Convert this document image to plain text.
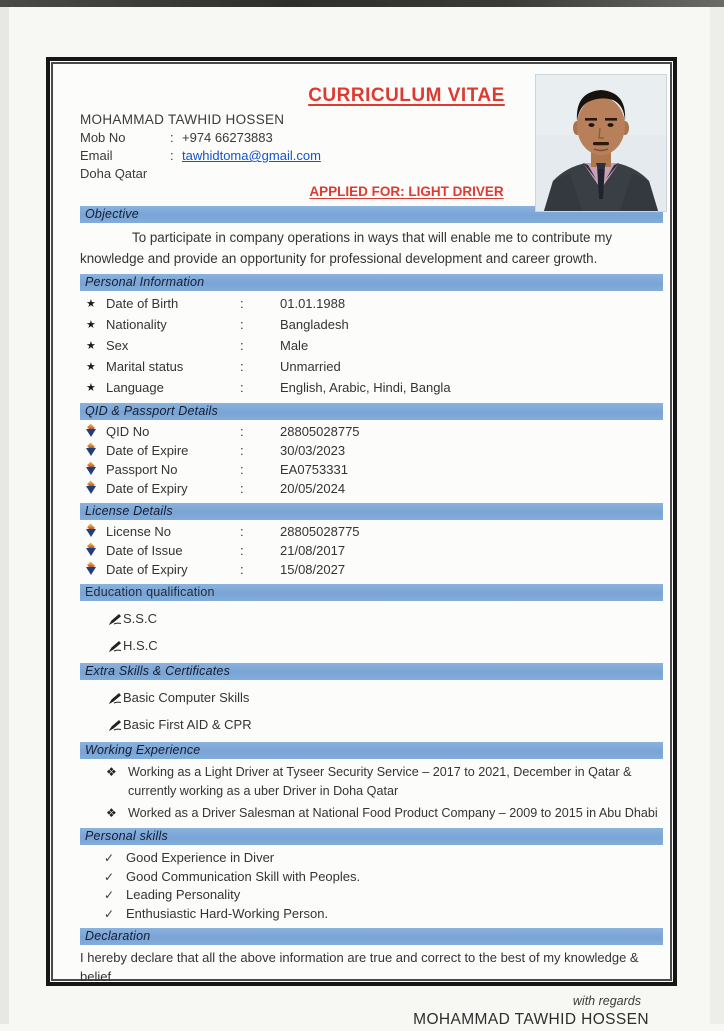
CURRICULUM VITAE
MOHAMMAD TAWHID HOSSEN
Mob No	: +974 66273883
Email	: tawhidtoma@gmail.com
Doha Qatar
APPLIED FOR: LIGHT DRIVER
Objective
To participate in company operations in ways that will enable me to contribute my knowledge and provide an opportunity for professional development and career growth.
Personal Information
★
Date of Birth	:	01.01.1988
★
Nationality	:	Bangladesh
★
Sex	:	Male
★
Marital status	:	Unmarried
★
Language	:	English, Arabic, Hindi, Bangla
QID & Passport Details
QID No	:	28805028775
Date of Expire	:	30/03/2023
Passport No	:	EA0753331
Date of Expiry	:	20/05/2024
License Details
License No	:	28805028775
Date of Issue	:	21/08/2017
Date of Expiry	:	15/08/2027
Education qualification
S.S.C
H.S.C
Extra Skills & Certificates
Basic Computer Skills
Basic First AID & CPR
Working Experience
❖
Working as a Light Driver at Tyseer Security Service – 2017 to 2021, December in Qatar & currently working as a uber Driver in Doha Qatar
❖
Worked as a Driver Salesman at National Food Product Company – 2009 to 2015 in Abu Dhabi
Personal skills
✓
Good Experience in Diver
✓
Good Communication Skill with Peoples.
✓
Leading Personality
✓
Enthusiastic Hard-Working Person.
Declaration
I hereby declare that all the above information are true and correct to the best of my knowledge & belief
with regards
MOHAMMAD TAWHID HOSSEN
